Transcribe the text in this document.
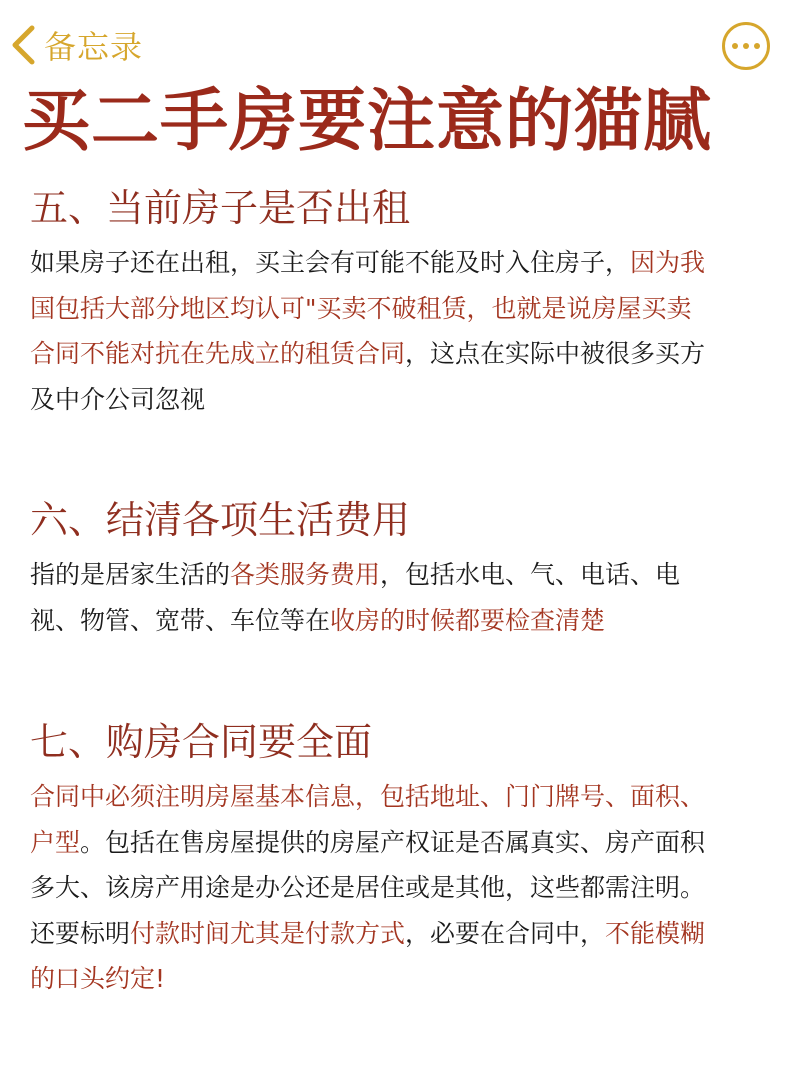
备忘录
买二手房要注意的猫腻
五、当前房子是否出租
如果房子还在出租，买主会有可能不能及时入住房子，因为我
国包括大部分地区均认可"买卖不破租赁，也就是说房屋买卖
合同不能对抗在先成立的租赁合同，这点在实际中被很多买方
及中介公司忽视
六、结清各项生活费用
指的是居家生活的各类服务费用，包括水电、气、电话、电
视、物管、宽带、车位等在收房的时候都要检查清楚
七、购房合同要全面
合同中必须注明房屋基本信息，包括地址、门门牌号、面积、
户型。包括在售房屋提供的房屋产权证是否属真实、房产面积
多大、该房产用途是办公还是居住或是其他，这些都需注明。
还要标明付款时间尤其是付款方式，必要在合同中，不能模糊
的口头约定!
